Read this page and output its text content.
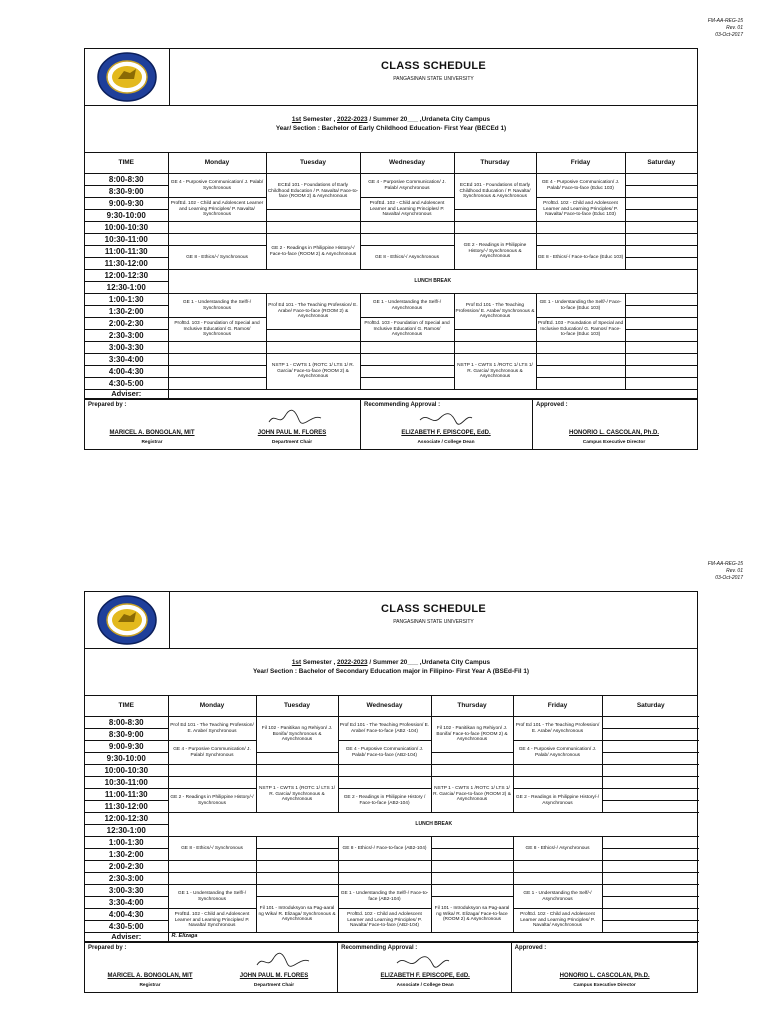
FM-AA-REG-15
Rev. 01
03-Oct-2017
CLASS SCHEDULE
PANGASINAN STATE UNIVERSITY
1st Semester , 2022-2023 / Summer 20___ ,Urdaneta City Campus
Year/ Section : Bachelor of Early Childhood Education- First Year (BECEd 1)
TIME	Monday	Tuesday	Wednesday	Thursday	Friday	Saturday
8:00-8:30	GE 4 - Purposive Communication/ J. Palab/ Synchronous	ECEd 101 - Foundations of Early Childhood Education / P. Navalta/ Face-to-face (ROOM 2) & Asynchronous	GE 4 - Purposive Communication/ J. Palab/ Asynchronous	ECEd 101 - Foundations of Early Childhood Education / P. Navalta/ Synchronous & Asynchronous	GE 4 - Purposive Communication/ J. Palab/ Face-to-face (Educ 103)	
8:30-9:00						
9:00-9:30	ProfEd. 102 - Child and Adolescent Learner and Learning Principles/ P. Navalta/ Synchronous		ProfEd. 102 - Child and Adolescent Learner and Learning Principles/ P. Navalta/ Asynchronous		ProfEd. 102 - Child and Adolescent Learner and Learning Principles/ P. Navalta/ Face-to-face (Educ 103)	
9:30-10:00						
10:00-10:30						
10:30-11:00		GE 2 - Readings in Philippine History/-/ Face-to-face (ROOM 2) & Asynchronous		GE 2 - Readings in Philippine History/-/ Synchronous & Asynchronous		
11:00-11:30	GE 8 - Ethics/-/ Synchronous		GE 8 - Ethics/-/ Asynchronous		GE 8 - Ethics/-/ Face-to-face (Educ 103)	
11:30-12:00						
12:00-12:30	LUNCH BREAK					
12:30-1:00						
1:00-1:30	GE 1 - Understanding the Self/-/ Synchronous	Prof Ed 101 - The Teaching Profession/ E. Arabe/ Face-to-face (ROOM 2) & Asynchronous	GE 1 - Understanding the Self/-/ Asynchronous	Prof Ed 101 - The Teaching Profession/ E. Arabe/ Synchronous & Asynchronous	GE 1 - Understanding the Self/-/ Face-to-face (Educ 103)	
1:30-2:00						
2:00-2:30	ProfEd. 103 - Foundation of Special and Inclusive Education/ G. Ramos/ Synchronous		ProfEd. 103 - Foundation of Special and Inclusive Education/ G. Ramos/ Asynchronous		ProfEd. 103 - Foundation of Special and Inclusive Education/ G. Ramos/ Face-to-face (Educ 103)	
2:30-3:00						
3:00-3:30						
3:30-4:00		NSTP 1 - CWTS 1 (ROTC 1/ LTS 1/ R. Garcia/ Face-to-face (ROOM 2) & Asynchronous		NSTP 1 - CWTS 1 /ROTC 1/ LTS 1/ R. Garcia/ Synchronous & Asynchronous		
4:00-4:30						
4:30-5:00						
Adviser:						
Prepared by :
MARICEL A. BONGOLAN, MIT
Registrar
JOHN PAUL M. FLORES
Department Chair
Recommending Approval :
ELIZABETH F. EPISCOPE, EdD.
Associate / College Dean
Approved :
HONORIO L. CASCOLAN, Ph.D.
Campus Executive Director
FM-AA-REG-15
Rev. 01
03-Oct-2017
CLASS SCHEDULE
PANGASINAN STATE UNIVERSITY
1st Semester , 2022-2023 / Summer 20___ ,Urdaneta City Campus
Year/ Section : Bachelor of Secondary Education major in Filipino- First Year A (BSEd-Fil 1)
TIME	Monday	Tuesday	Wednesday	Thursday	Friday	Saturday
8:00-8:30	Prof Ed 101 - The Teaching Profession/ E. Arabe/ Synchronous	Fil 102 - Panitikan ng Rehiyon/ J. Bonifa/ Synchronous & Asynchronous	Prof Ed 101 - The Teaching Profession/ E. Arabe/ Face-to-face (AB2 -104)	Fil 102 - Panitikan ng Rehiyon/ J. Bonifa/ Face-to-face (ROOM 2) & Asynchronous	Prof Ed 101 - The Teaching Profession/ E. Arabe/ Asynchronous	
8:30-9:00						
9:00-9:30	GE 4 - Purposive Communication/ J. Palab/ Synchronous		GE 4 - Purposive Communication/ J. Palab/ Face-to-face (AB2-104)		GE 4 - Purposive Communication/ J. Palab/ Asynchronous	
9:30-10:00						
10:00-10:30						
10:30-11:00		NSTP 1 - CWTS 1 (ROTC 1/ LTS 1/ R. Garcia/ Synchronous & Asynchronous		NSTP 1 - CWTS 1 /ROTC 1/ LTS 1/ R. Garcia/ Face-to-face (ROOM 2) & Asynchronous		
11:00-11:30	GE 2 - Readings in Philippine History/-/ Synchronous		GE 2 - Readings in Philippine History / Face-to-face (AB2-104)		GE 2 - Readings in Philippine History/-/ Asynchronous	
11:30-12:00						
12:00-12:30	LUNCH BREAK					
12:30-1:00						
1:00-1:30	GE 8 - Ethics/-/ Synchronous		GE 8 - Ethics/-/ Face-to-face (AB2-104)		GE 8 - Ethics/-/ Asynchronous	
1:30-2:00						
2:00-2:30						
2:30-3:00						
3:00-3:30	GE 1 - Understanding the Self/-/ Synchronous		GE 1 - Understanding the Self/-/ Face-to-face (AB2-104)		GE 1 - Understanding the Self/-/ Asynchronous	
3:30-4:00		Fil 101 - Introduksyon sa Pag-aaral ng Wika/ R. Elizaga/ Synchronous & Asynchronous		Fil 101 - Introduksyon sa Pag-aaral ng Wika/ R. Elizaga/ Face-to-face (ROOM 2) & Asynchronous		
4:00-4:30	ProfEd. 102 - Child and Adolescent Learner and Learning Principles/ P. Navalta/ Synchronous		ProfEd. 102 - Child and Adolescent Learner and Learning Principles/ P. Navalta/ Face-to-face (AB2-104)		ProfEd. 102 - Child and Adolescent Learner and Learning Principles/ P. Navalta/ Asynchronous	
4:30-5:00						
Adviser:	R. Elizaga					
Prepared by :
MARICEL A. BONGOLAN, MIT
Registrar
JOHN PAUL M. FLORES
Department Chair
Recommending Approval :
ELIZABETH F. EPISCOPE, EdD.
Associate / College Dean
Approved :
HONORIO L. CASCOLAN, Ph.D.
Campus Executive Director
